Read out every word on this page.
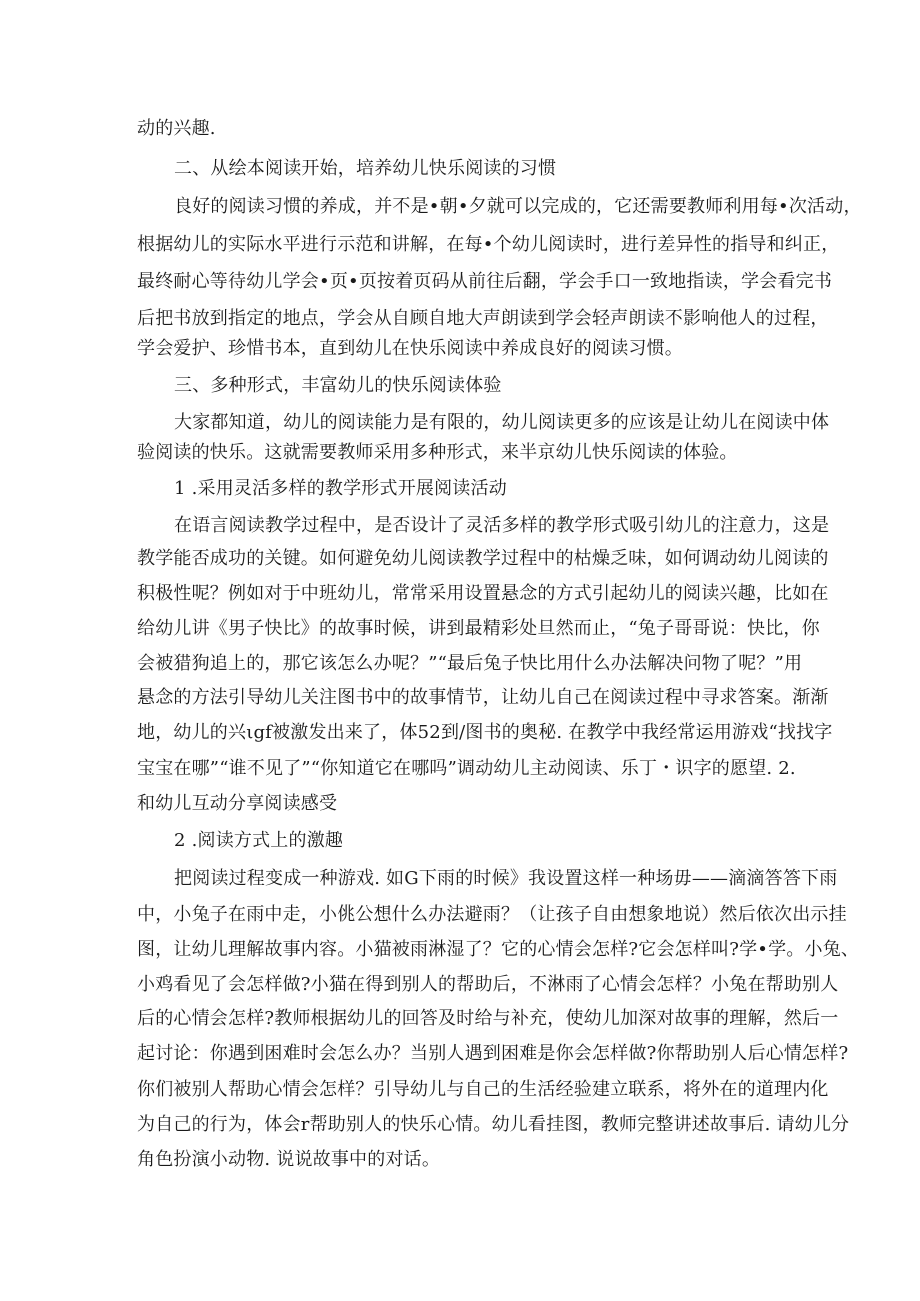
动的兴趣.
二、从绘本阅读开始，培养幼儿快乐阅读的习惯
良好的阅读习惯的养成，并不是•朝•夕就可以完成的，它还需要教师利用每•次活动，
根据幼儿的实际水平进行示范和讲解，在每•个幼儿阅读时，进行差异性的指导和纠正，
最终耐心等待幼儿学会•页•页按着页码从前往后翻，学会手口一致地指读，学会看完书
后把书放到指定的地点，学会从自顾自地大声朗读到学会轻声朗读不影响他人的过程，
学会爱护、珍惜书本，直到幼儿在快乐阅读中养成良好的阅读习惯。
三、多种形式，丰富幼儿的快乐阅读体验
大家都知道，幼儿的阅读能力是有限的，幼儿阅读更多的应该是让幼儿在阅读中体
验阅读的快乐。这就需要教师采用多种形式，来半京幼儿快乐阅读的体验。
1 .采用灵活多样的教学形式开展阅读活动
在语言阅读教学过程中，是否设计了灵活多样的教学形式吸引幼儿的注意力，这是
教学能否成功的关键。如何避免幼儿阅读教学过程中的枯燥乏味，如何调动幼儿阅读的
积极性呢？例如对于中班幼儿，常常采用设置悬念的方式引起幼儿的阅读兴趣，比如在
给幼儿讲《男子快比》的故事时候，讲到最精彩处旦然而止，“兔子哥哥说：快比，你
会被猎狗追上的，那它该怎么办呢？”“最后兔子快比用什么办法解决问物了呢？”用
悬念的方法引导幼儿关注图书中的故事情节，让幼儿自己在阅读过程中寻求答案。渐渐
地，幼儿的兴ιgf被激发出来了，体52到/图书的奥秘. 在教学中我经常运用游戏“找找字
宝宝在哪”“谁不见了”“你知道它在哪吗”调动幼儿主动阅读、乐丁・识字的愿望. 2.
和幼儿互动分享阅读感受
2 .阅读方式上的激趣
把阅读过程变成一种游戏. 如G下雨的时候》我设置这样一种场毋——滴滴答答下雨
中，小兔子在雨中走，小佻公想什么办法避雨？（让孩子自由想象地说）然后依次出示挂
图，让幼儿理解故事内容。小猫被雨淋湿了？它的心情会怎样?它会怎样叫?学•学。小兔、
小鸡看见了会怎样做?小猫在得到别人的帮助后，不淋雨了心情会怎样？小兔在帮助别人
后的心情会怎样?教师根据幼儿的回答及时给与补充，使幼儿加深对故事的理解，然后一
起讨论：你遇到困难时会怎么办？当别人遇到困难是你会怎样做?你帮助别人后心情怎样?
你们被别人帮助心情会怎样？引导幼儿与自己的生活经验建立联系，将外在的道理内化
为自己的行为，体会r帮助别人的快乐心情。幼儿看挂图，教师完整讲述故事后. 请幼儿分
角色扮演小动物. 说说故事中的对话。
